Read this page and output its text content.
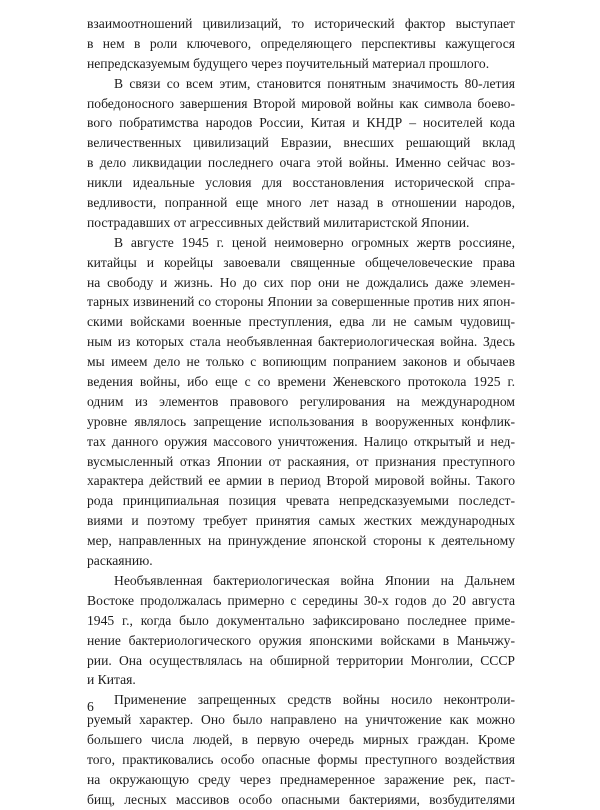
взаимоотношений цивилизаций, то исторический фактор выступает
в нем в роли ключевого, определяющего перспективы кажущегося
непредсказуемым будущего через поучительный материал прошлого.

В связи со всем этим, становится понятным значимость 80-летия
победоносного завершения Второй мировой войны как символа боево-
вого побратимства народов России, Китая и КНДР – носителей кода
величественных цивилизаций Евразии, внесших решающий вклад
в дело ликвидации последнего очага этой войны. Именно сейчас воз-
никли идеальные условия для восстановления исторической спра-
ведливости, попранной еще много лет назад в отношении народов,
пострадавших от агрессивных действий милитаристской Японии.

В августе 1945 г. ценой неимоверно огромных жертв россияне,
китайцы и корейцы завоевали священные общечеловеческие права
на свободу и жизнь. Но до сих пор они не дождались даже элемен-
тарных извинений со стороны Японии за совершенные против них япон-
скими войсками военные преступления, едва ли не самым чудовищ-
ным из которых стала необъявленная бактериологическая война. Здесь
мы имеем дело не только с вопиющим попранием законов и обычаев
ведения войны, ибо еще с со времени Женевского протокола 1925 г.
одним из элементов правового регулирования на международном
уровне являлось запрещение использования в вооруженных конфлик-
тах данного оружия массового уничтожения. Налицо открытый и нед-
вусмысленный отказ Японии от раскаяния, от признания преступного
характера действий ее армии в период Второй мировой войны. Такого
рода принципиальная позиция чревата непредсказуемыми последст-
виями и поэтому требует принятия самых жестких международных
мер, направленных на принуждение японской стороны к деятельному
раскаянию.

Необъявленная бактериологическая война Японии на Дальнем
Востоке продолжалась примерно с середины 30-х годов до 20 августа
1945 г., когда было документально зафиксировано последнее приме-
нение бактериологического оружия японскими войсками в Маньчжу-
рии. Она осуществлялась на обширной территории Монголии, СССР
и Китая.

Применение запрещенных средств войны носило неконтроли-
руемый характер. Оно было направлено на уничтожение как можно
большего числа людей, в первую очередь мирных граждан. Кроме
того, практиковались особо опасные формы преступного воздействия
на окружающую среду через преднамеренное заражение рек, паст-
бищ, лесных массивов особо опасными бактериями, возбудителями

6
